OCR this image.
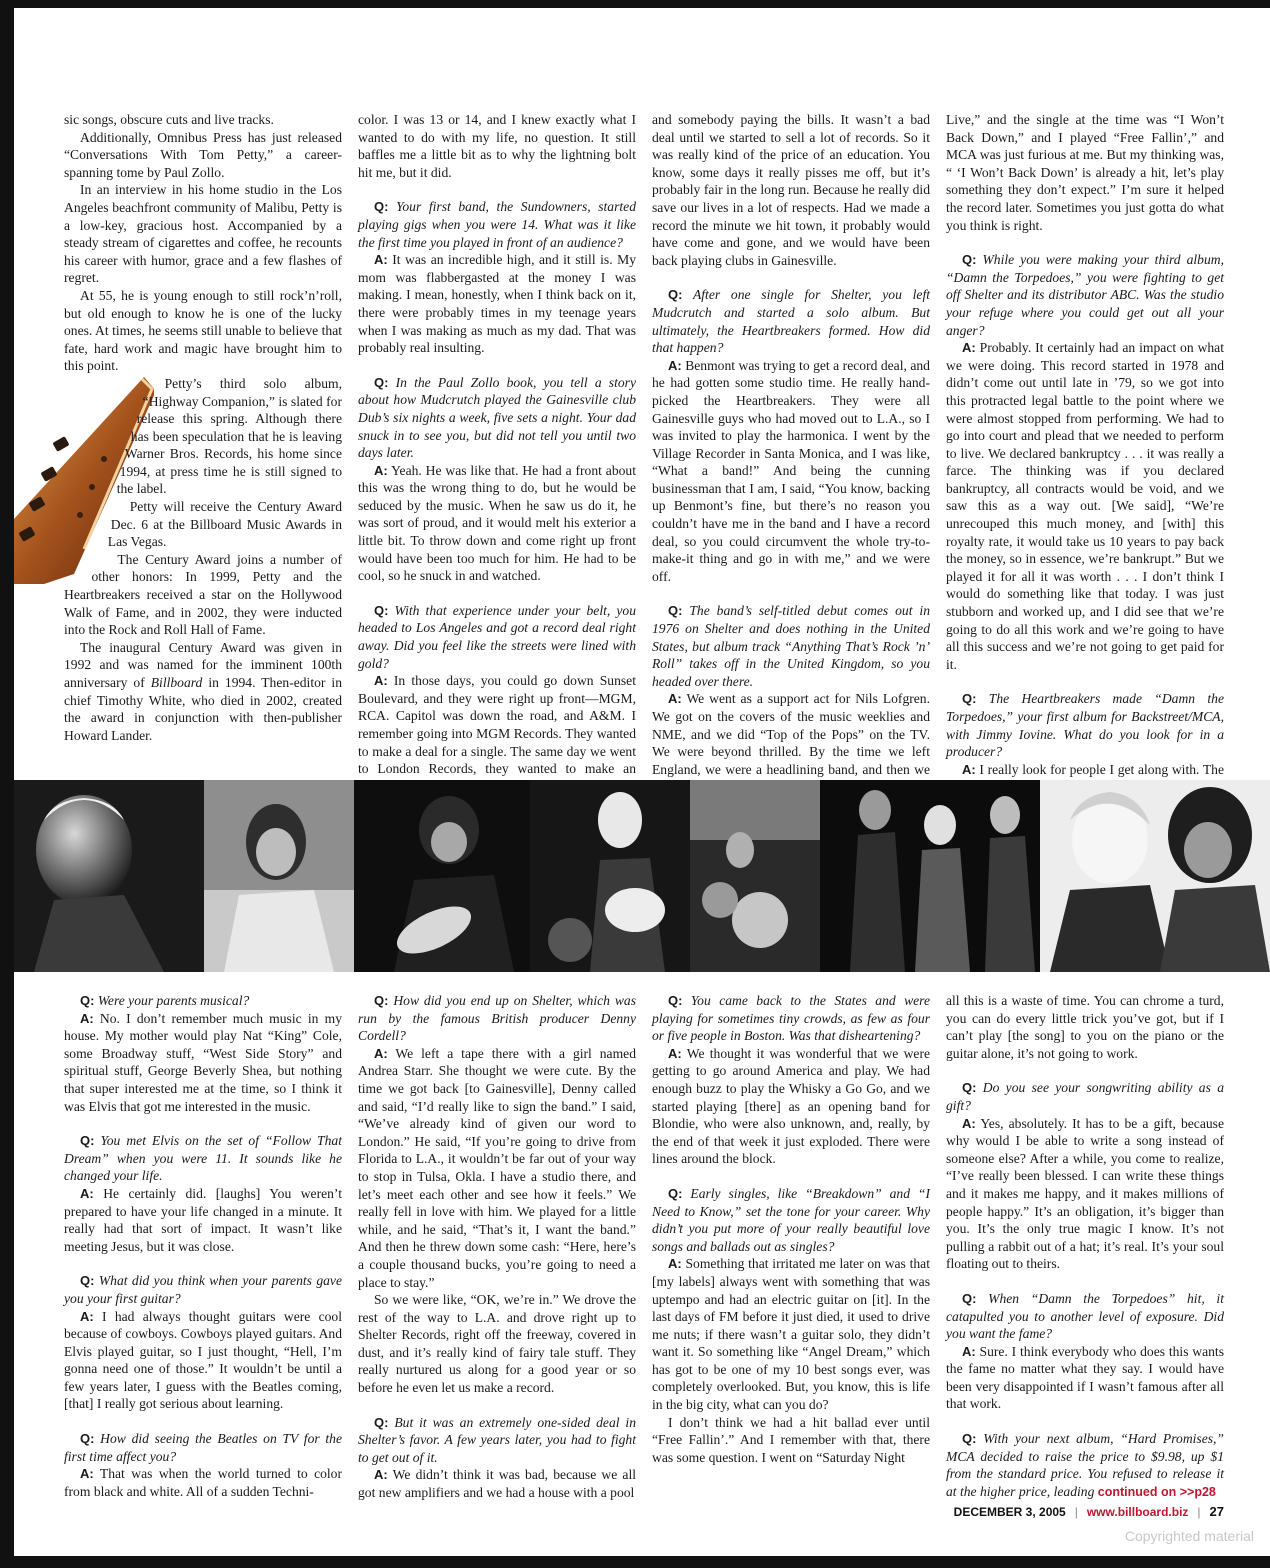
sic songs, obscure cuts and live tracks.

Additionally, Omnibus Press has just released “Conversations With Tom Petty,” a career-spanning tome by Paul Zollo.

In an interview in his home studio in the Los Angeles beachfront community of Malibu, Petty is a low-key, gracious host. Accompanied by a steady stream of cigarettes and coffee, he recounts his career with humor, grace and a few flashes of regret.

At 55, he is young enough to still rock’n’roll, but old enough to know he is one of the lucky ones. At times, he seems still unable to believe that fate, hard work and magic have brought him to this point.

Petty’s third solo album, “Highway Companion,” is slated for release this spring. Although there has been speculation that he is leaving Warner Bros. Records, his home since 1994, at press time he is still signed to the label.

Petty will receive the Century Award Dec. 6 at the Billboard Music Awards in Las Vegas.

The Century Award joins a number of other honors: In 1999, Petty and the Heartbreakers received a star on the Hollywood Walk of Fame, and in 2002, they were inducted into the Rock and Roll Hall of Fame.

The inaugural Century Award was given in 1992 and was named for the imminent 100th anniversary of Billboard in 1994. Then-editor in chief Timothy White, who died in 2002, created the award in conjunction with then-publisher Howard Lander.

color. I was 13 or 14, and I knew exactly what I wanted to do with my life, no question. It still baffles me a little bit as to why the lightning bolt hit me, but it did.

Q: Your first band, the Sundowners, started playing gigs when you were 14. What was it like the first time you played in front of an audience?

A: It was an incredible high, and it still is. My mom was flabbergasted at the money I was making. I mean, honestly, when I think back on it, there were probably times in my teenage years when I was making as much as my dad. That was probably real insulting.

Q: In the Paul Zollo book, you tell a story about how Mudcrutch played the Gainesville club Dub’s six nights a week, five sets a night. Your dad snuck in to see you, but did not tell you until two days later.

A: Yeah. He was like that. He had a front about this was the wrong thing to do, but he would be seduced by the music. When he saw us do it, he was sort of proud, and it would melt his exterior a little bit. To throw down and come right up front would have been too much for him. He had to be cool, so he snuck in and watched.

Q: With that experience under your belt, you headed to Los Angeles and got a record deal right away. Did you feel like the streets were lined with gold?

A: In those days, you could go down Sunset Boulevard, and they were right up front—MGM, RCA. Capitol was down the road, and A&M. I remember going into MGM Records. They wanted to make a deal for a single. The same day we went to London Records, they wanted to make an

and somebody paying the bills. It wasn’t a bad deal until we started to sell a lot of records. So it was really kind of the price of an education. You know, some days it really pisses me off, but it’s probably fair in the long run. Because he really did save our lives in a lot of respects. Had we made a record the minute we hit town, it probably would have come and gone, and we would have been back playing clubs in Gainesville.

Q: After one single for Shelter, you left Mudcrutch and started a solo album. But ultimately, the Heartbreakers formed. How did that happen?

A: Benmont was trying to get a record deal, and he had gotten some studio time. He really hand-picked the Heartbreakers. They were all Gainesville guys who had moved out to L.A., so I was invited to play the harmonica. I went by the Village Recorder in Santa Monica, and I was like, “What a band!” And being the cunning businessman that I am, I said, “You know, backing up Benmont’s fine, but there’s no reason you couldn’t have me in the band and I have a record deal, so you could circumvent the whole try-to-make-it thing and go in with me,” and we were off.

Q: The band’s self-titled debut comes out in 1976 on Shelter and does nothing in the United States, but album track “Anything That’s Rock ’n’ Roll” takes off in the United Kingdom, so you headed over there.

A: We went as a support act for Nils Lofgren. We got on the covers of the music weeklies and NME, and we did “Top of the Pops” on the TV. We were beyond thrilled. By the time we left England, we were a headlining band, and then we

Live,” and the single at the time was “I Won’t Back Down,” and I played “Free Fallin’,” and MCA was just furious at me. But my thinking was, “ ‘I Won’t Back Down’ is already a hit, let’s play something they don’t expect.” I’m sure it helped the record later. Sometimes you just gotta do what you think is right.

Q: While you were making your third album, “Damn the Torpedoes,” you were fighting to get off Shelter and its distributor ABC. Was the studio your refuge where you could get out all your anger?

A: Probably. It certainly had an impact on what we were doing. This record started in 1978 and didn’t come out until late in ’79, so we got into this protracted legal battle to the point where we were almost stopped from performing. We had to go into court and plead that we needed to perform to live. We declared bankruptcy . . . it was really a farce. The thinking was if you declared bankruptcy, all contracts would be void, and we saw this as a way out. [We said], “We’re unrecouped this much money, and [with] this royalty rate, it would take us 10 years to pay back the money, so in essence, we’re bankrupt.” But we played it for all it was worth . . . I don’t think I would do something like that today. I was just stubborn and worked up, and I did see that we’re going to do all this work and we’re going to have all this success and we’re not going to get paid for it.

Q: The Heartbreakers made “Damn the Torpedoes,” your first album for Backstreet/MCA, with Jimmy Iovine. What do you look for in a producer?

A: I really look for people I get along with. The

Q: Were your parents musical?

A: No. I don’t remember much music in my house. My mother would play Nat “King” Cole, some Broadway stuff, “West Side Story” and spiritual stuff, George Beverly Shea, but nothing that super interested me at the time, so I think it was Elvis that got me interested in the music.

Q: You met Elvis on the set of “Follow That Dream” when you were 11. It sounds like he changed your life.

A: He certainly did. [laughs] You weren’t prepared to have your life changed in a minute. It really had that sort of impact. It wasn’t like meeting Jesus, but it was close.

Q: What did you think when your parents gave you your first guitar?

A: I had always thought guitars were cool because of cowboys. Cowboys played guitars. And Elvis played guitar, so I just thought, “Hell, I’m gonna need one of those.” It wouldn’t be until a few years later, I guess with the Beatles coming, [that] I really got serious about learning.

Q: How did seeing the Beatles on TV for the first time affect you?

A: That was when the world turned to color from black and white. All of a sudden Techni-

Q: How did you end up on Shelter, which was run by the famous British producer Denny Cordell?

A: We left a tape there with a girl named Andrea Starr. She thought we were cute. By the time we got back [to Gainesville], Denny called and said, “I’d really like to sign the band.” I said, “We’ve already kind of given our word to London.” He said, “If you’re going to drive from Florida to L.A., it wouldn’t be far out of your way to stop in Tulsa, Okla. I have a studio there, and let’s meet each other and see how it feels.” We really fell in love with him. We played for a little while, and he said, “That’s it, I want the band.” And then he threw down some cash: “Here, here’s a couple thousand bucks, you’re going to need a place to stay.”

So we were like, “OK, we’re in.” We drove the rest of the way to L.A. and drove right up to Shelter Records, right off the freeway, covered in dust, and it’s really kind of fairy tale stuff. They really nurtured us along for a good year or so before he even let us make a record.

Q: But it was an extremely one-sided deal in Shelter’s favor. A few years later, you had to fight to get out of it.

A: We didn’t think it was bad, because we all got new amplifiers and we had a house with a pool

Q: You came back to the States and were playing for sometimes tiny crowds, as few as four or five people in Boston. Was that disheartening?

A: We thought it was wonderful that we were getting to go around America and play. We had enough buzz to play the Whisky a Go Go, and we started playing [there] as an opening band for Blondie, who were also unknown, and, really, by the end of that week it just exploded. There were lines around the block.

Q: Early singles, like “Breakdown” and “I Need to Know,” set the tone for your career. Why didn’t you put more of your really beautiful love songs and ballads out as singles?

A: Something that irritated me later on was that [my labels] always went with something that was uptempo and had an electric guitar on [it]. In the last days of FM before it just died, it used to drive me nuts; if there wasn’t a guitar solo, they didn’t want it. So something like “Angel Dream,” which has got to be one of my 10 best songs ever, was completely overlooked. But, you know, this is life in the big city, what can you do?

I don’t think we had a hit ballad ever until “Free Fallin’.” And I remember with that, there was some question. I went on “Saturday Night

all this is a waste of time. You can chrome a turd, you can do every little trick you’ve got, but if I can’t play [the song] to you on the piano or the guitar alone, it’s not going to work.

Q: Do you see your songwriting ability as a gift?

A: Yes, absolutely. It has to be a gift, because why would I be able to write a song instead of someone else? After a while, you come to realize, “I’ve really been blessed. I can write these things and it makes me happy, and it makes millions of people happy.” It’s an obligation, it’s bigger than you. It’s the only true magic I know. It’s not pulling a rabbit out of a hat; it’s real. It’s your soul floating out to theirs.

Q: When “Damn the Torpedoes” hit, it catapulted you to another level of exposure. Did you want the fame?

A: Sure. I think everybody who does this wants the fame no matter what they say. I would have been very disappointed if I wasn’t famous after all that work.

Q: With your next album, “Hard Promises,” MCA decided to raise the price to $9.98, up $1 from the standard price. You refused to release it at the higher price, leading continued on >>p28

DECEMBER 3, 2005 | www.billboard.biz | 27
Copyrighted material
